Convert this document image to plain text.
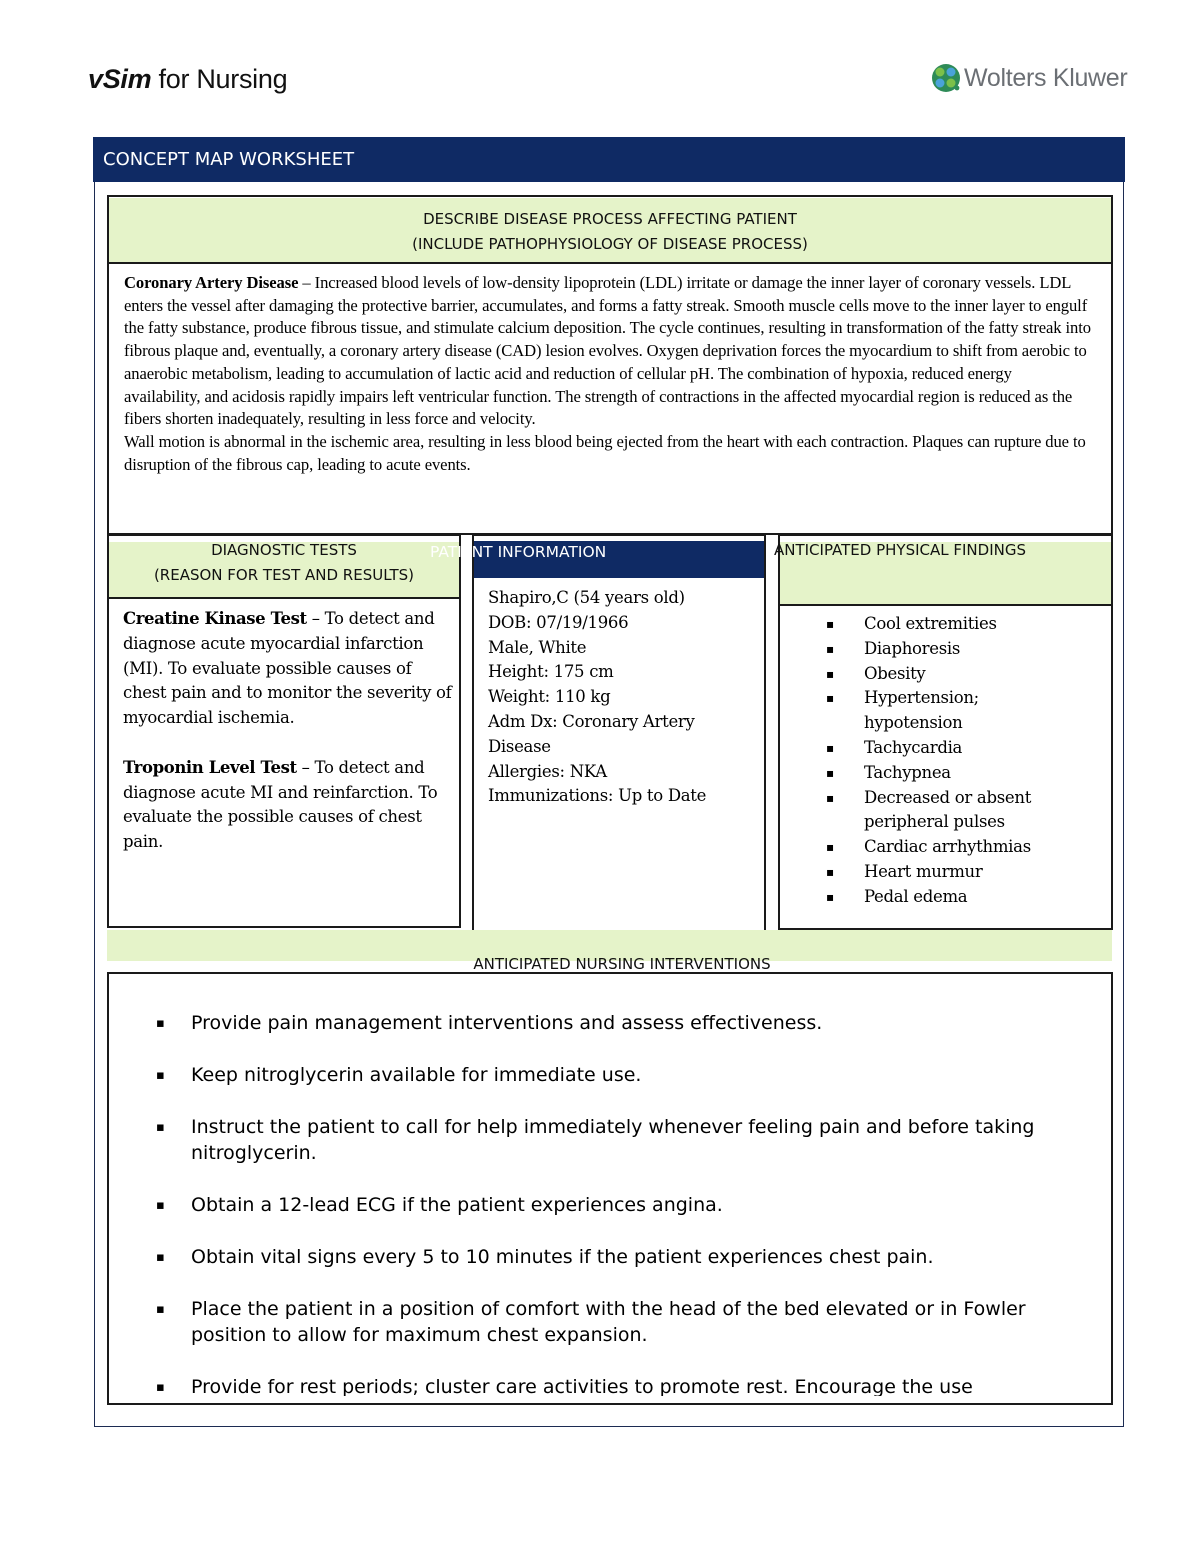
vSim for Nursing	Wolters Kluwer
CONCEPT MAP WORKSHEET
DESCRIBE DISEASE PROCESS AFFECTING PATIENT
(INCLUDE PATHOPHYSIOLOGY OF DISEASE PROCESS)
Coronary Artery Disease – Increased blood levels of low-density lipoprotein (LDL) irritate or damage the inner layer of coronary vessels. LDL enters the vessel after damaging the protective barrier, accumulates, and forms a fatty streak. Smooth muscle cells move to the inner layer to engulf the fatty substance, produce fibrous tissue, and stimulate calcium deposition. The cycle continues, resulting in transformation of the fatty streak into fibrous plaque and, eventually, a coronary artery disease (CAD) lesion evolves. Oxygen deprivation forces the myocardium to shift from aerobic to anaerobic metabolism, leading to accumulation of lactic acid and reduction of cellular pH. The combination of hypoxia, reduced energy availability, and acidosis rapidly impairs left ventricular function. The strength of contractions in the affected myocardial region is reduced as the fibers shorten inadequately, resulting in less force and velocity.
Wall motion is abnormal in the ischemic area, resulting in less blood being ejected from the heart with each contraction. Plaques can rupture due to disruption of the fibrous cap, leading to acute events.
DIAGNOSTIC TESTS
(REASON FOR TEST AND RESULTS)

Creatine Kinase Test – To detect and diagnose acute myocardial infarction (MI). To evaluate possible causes of chest pain and to monitor the severity of myocardial ischemia.

Troponin Level Test – To detect and diagnose acute MI and reinfarction. To evaluate the possible causes of chest pain.

PATIENT INFORMATION
Shapiro,C (54 years old)
DOB: 07/19/1966
Male, White
Height: 175 cm
Weight: 110 kg
Adm Dx: Coronary Artery Disease
Allergies: NKA
Immunizations: Up to Date
ANTICIPATED PHYSICAL FINDINGS
▪ Cool extremities
▪ Diaphoresis
▪ Obesity
▪ Hypertension; hypotension
▪ Tachycardia
▪ Tachypnea
▪ Decreased or absent peripheral pulses
▪ Cardiac arrhythmias
▪ Heart murmur
▪ Pedal edema
ANTICIPATED NURSING INTERVENTIONS
▪ Provide pain management interventions and assess effectiveness.
▪ Keep nitroglycerin available for immediate use.
▪ Instruct the patient to call for help immediately whenever feeling pain and before taking nitroglycerin.
▪ Obtain a 12-lead ECG if the patient experiences angina.
▪ Obtain vital signs every 5 to 10 minutes if the patient experiences chest pain.
▪ Place the patient in a position of comfort with the head of the bed elevated or in Fowler position to allow for maximum chest expansion.
▪ Provide for rest periods; cluster care activities to promote rest. Encourage the use
